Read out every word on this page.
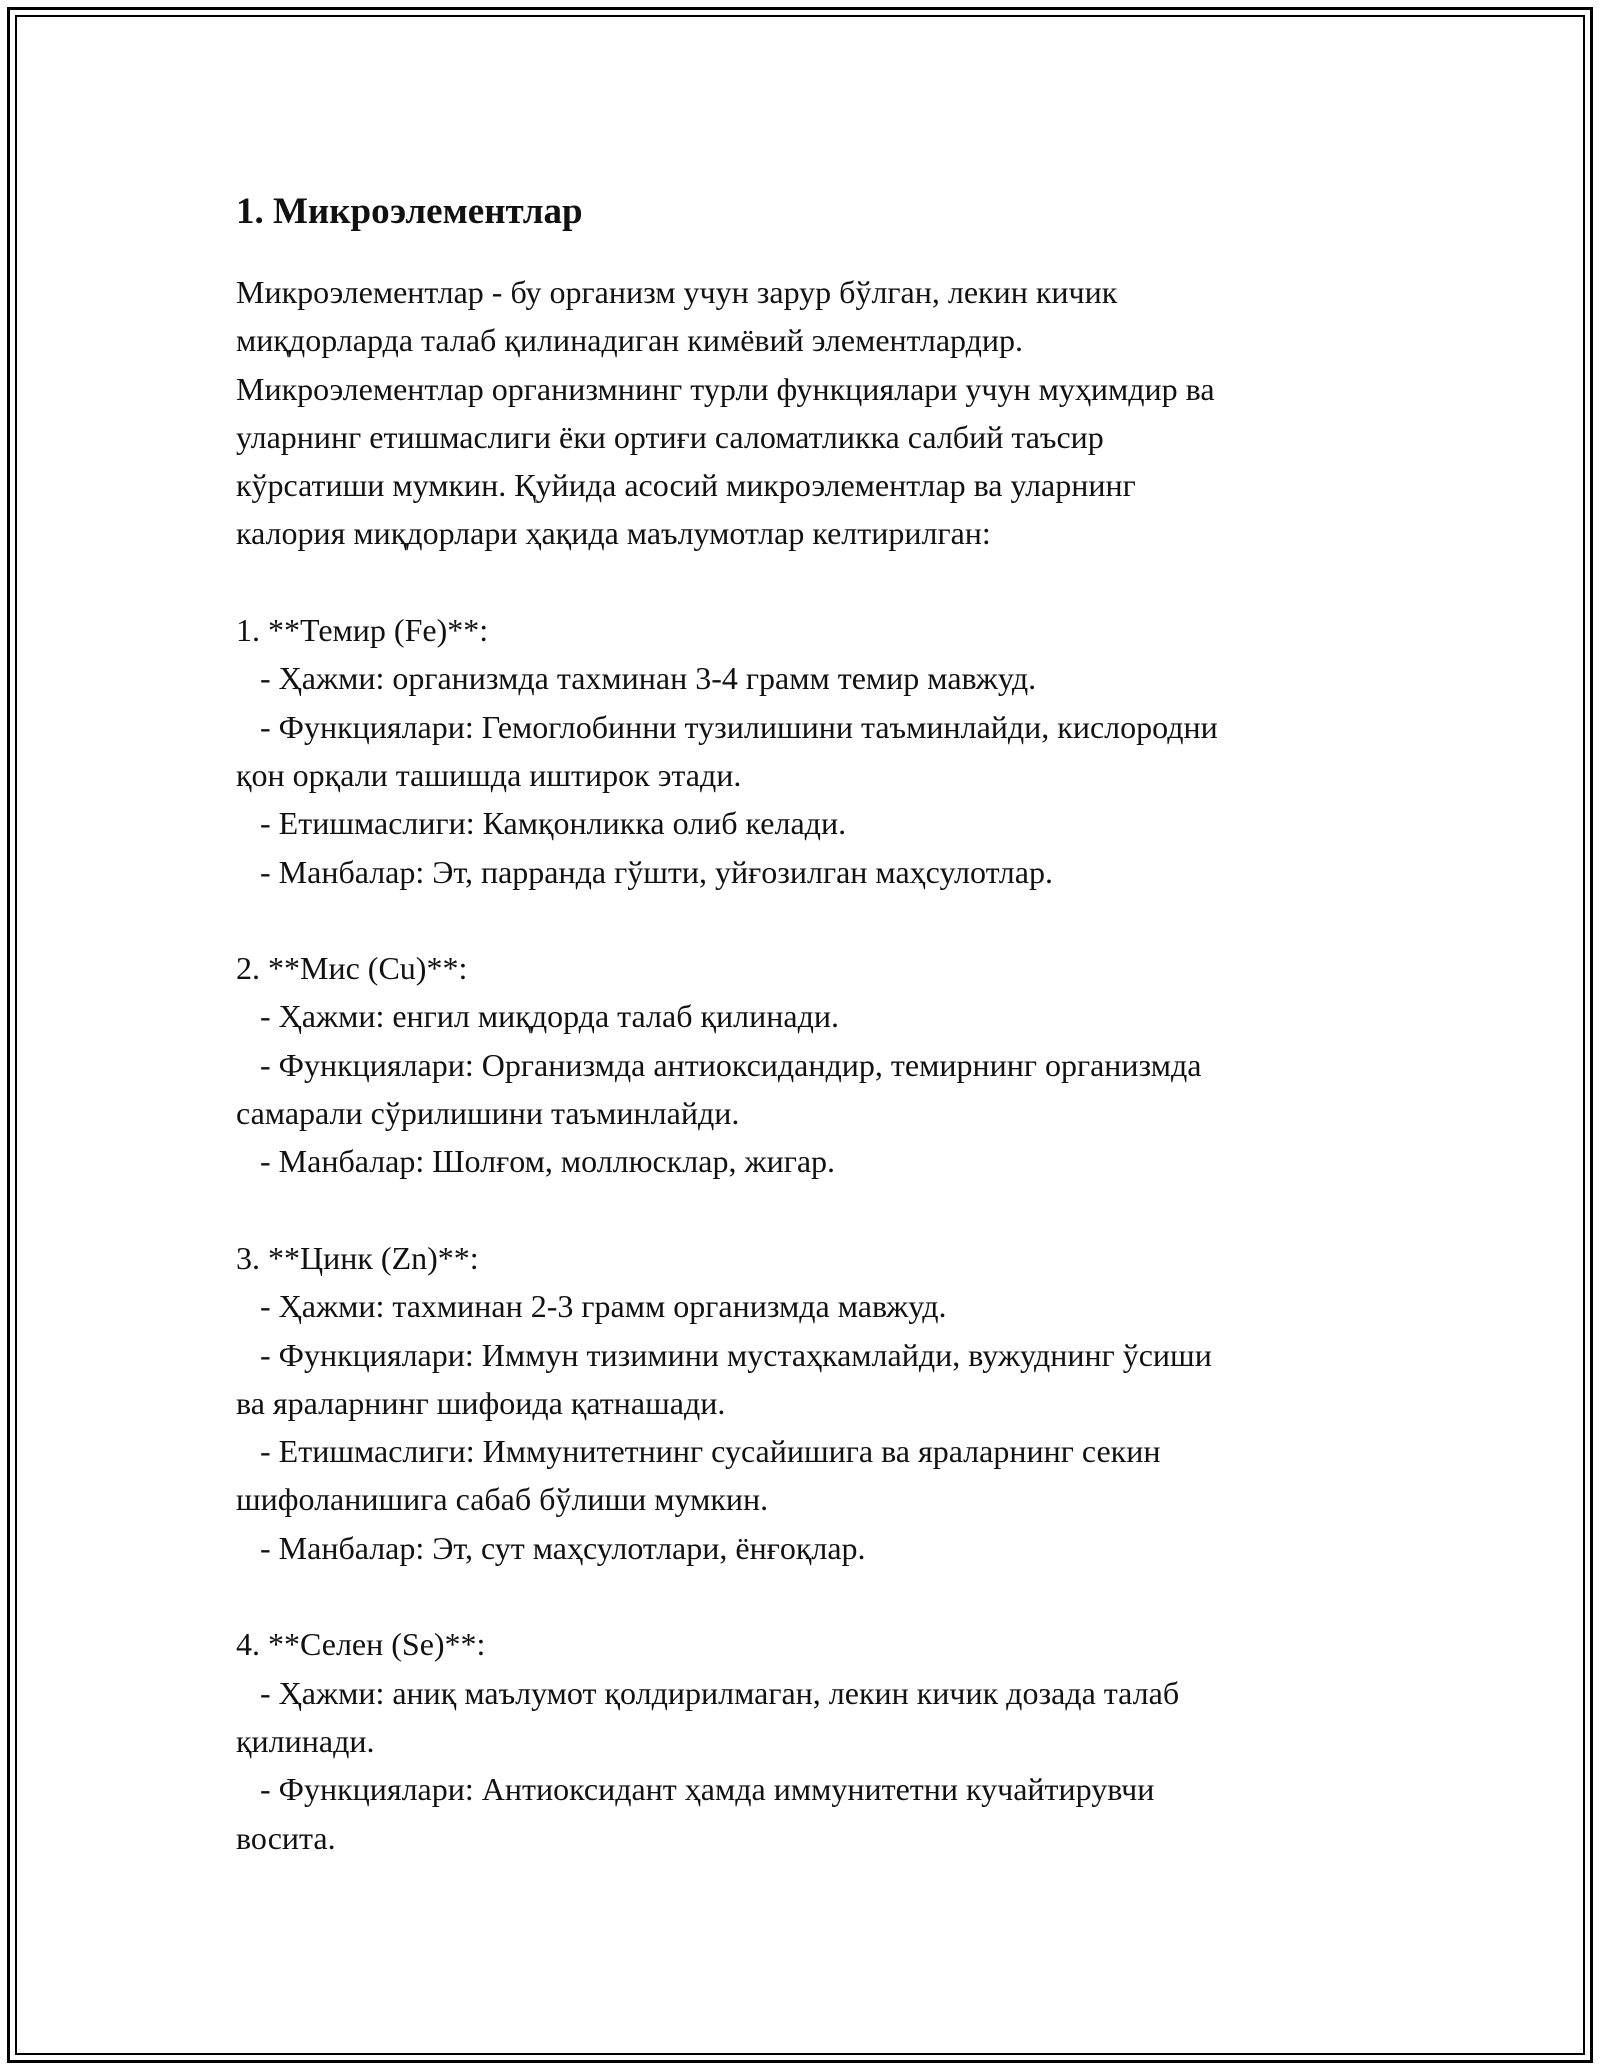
1. Микроэлементлар
Микроэлементлар - бу организм учун зарур бўлган, лекин кичик
миқдорларда талаб қилинадиган кимёвий элементлардир.
Микроэлементлар организмнинг турли функциялари учун муҳимдир ва
уларнинг етишмаслиги ёки ортиғи саломатликка салбий таъсир
кўрсатиши мумкин. Қуйида асосий микроэлементлар ва уларнинг
калория миқдорлари ҳақида маълумотлар келтирилган:
1. **Темир (Fe)**:
- Ҳажми: организмда тахминан 3-4 грамм темир мавжуд.
- Функциялари: Гемоглобинни тузилишини таъминлайди, кислородни
қон орқали ташишда иштирок этади.
- Етишмаслиги: Камқонликка олиб келади.
- Манбалар: Эт, парранда гўшти, уйғозилган маҳсулотлар.
2. **Мис (Cu)**:
- Ҳажми: енгил миқдорда талаб қилинади.
- Функциялари: Организмда антиоксидандир, темирнинг организмда
самарали сўрилишини таъминлайди.
- Манбалар: Шолғом, моллюсклар, жигар.
3. **Цинк (Zn)**:
- Ҳажми: тахминан 2-3 грамм организмда мавжуд.
- Функциялари: Иммун тизимини мустаҳкамлайди, вужуднинг ўсиши
ва яраларнинг шифоида қатнашади.
- Етишмаслиги: Иммунитетнинг сусайишига ва яраларнинг секин
шифоланишига сабаб бўлиши мумкин.
- Манбалар: Эт, сут маҳсулотлари, ёнғоқлар.
4. **Селен (Se)**:
- Ҳажми: аниқ маълумот қолдирилмаган, лекин кичик дозада талаб
қилинади.
- Функциялари: Антиоксидант ҳамда иммунитетни кучайтирувчи
восита.
